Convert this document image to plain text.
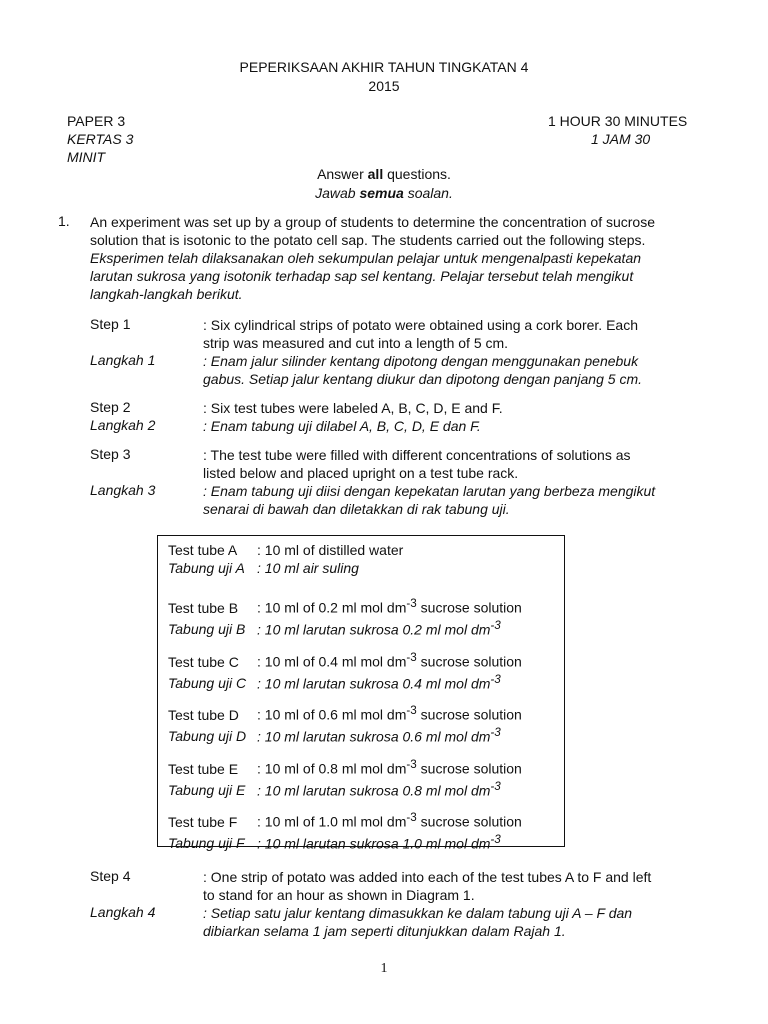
PEPERIKSAAN AKHIR TAHUN TINGKATAN 4
2015
PAPER 3
KERTAS 3
MINIT
1 HOUR 30 MINUTES
1 JAM 30
Answer all questions.
Jawab semua soalan.
1. An experiment was set up by a group of students to determine the concentration of sucrose
solution that is isotonic to the potato cell sap. The students carried out the following steps.
Eksperimen telah dilaksanakan oleh sekumpulan pelajar untuk mengenalpasti kepekatan
larutan sukrosa yang isotonik terhadap sap sel kentang. Pelajar tersebut telah mengikut
langkah-langkah berikut.
Step 1
Langkah 1
: Six cylindrical strips of potato were obtained using a cork borer. Each
strip was measured and cut into a length of 5 cm.
: Enam jalur silinder kentang dipotong dengan menggunakan penebuk
gabus. Setiap jalur kentang diukur dan dipotong dengan panjang 5 cm.
Step 2
Langkah 2
: Six test tubes were labeled A, B, C, D, E and F.
: Enam tabung uji dilabel A, B, C, D, E dan F.
Step 3
Langkah 3
: The test tube were filled with different concentrations of solutions as
listed below and placed upright on a test tube rack.
: Enam tabung uji diisi dengan kepekatan larutan yang berbeza mengikut
senarai di bawah dan diletakkan di rak tabung uji.
Test tube A : 10 ml of distilled water
Tabung uji A : 10 ml air suling
Test tube B : 10 ml of 0.2 ml mol $dm^{-3}$ sucrose solution
Tabung uji B : 10 ml larutan sukrosa 0.2 ml mol $dm^{-3}$
Test tube C : 10 ml of 0.4 ml mol $dm^{-3}$ sucrose solution
Tabung uji C : 10 ml larutan sukrosa 0.4 ml mol $dm^{-3}$
Test tube D : 10 ml of 0.6 ml mol $dm^{-3}$ sucrose solution
Tabung uji D : 10 ml larutan sukrosa 0.6 ml mol $dm^{-3}$
Test tube E : 10 ml of 0.8 ml mol $dm^{-3}$ sucrose solution
Tabung uji E : 10 ml larutan sukrosa 0.8 ml mol $dm^{-3}$
Test tube F : 10 ml of 1.0 ml mol $dm^{-3}$ sucrose solution
Tabung uji F : 10 ml larutan sukrosa 1.0 ml mol $dm^{-3}$
Step 4
Langkah 4
: One strip of potato was added into each of the test tubes A to F and left
to stand for an hour as shown in Diagram 1.
: Setiap satu jalur kentang dimasukkan ke dalam tabung uji A – F dan
dibiarkan selama 1 jam seperti ditunjukkan dalam Rajah 1.
1
